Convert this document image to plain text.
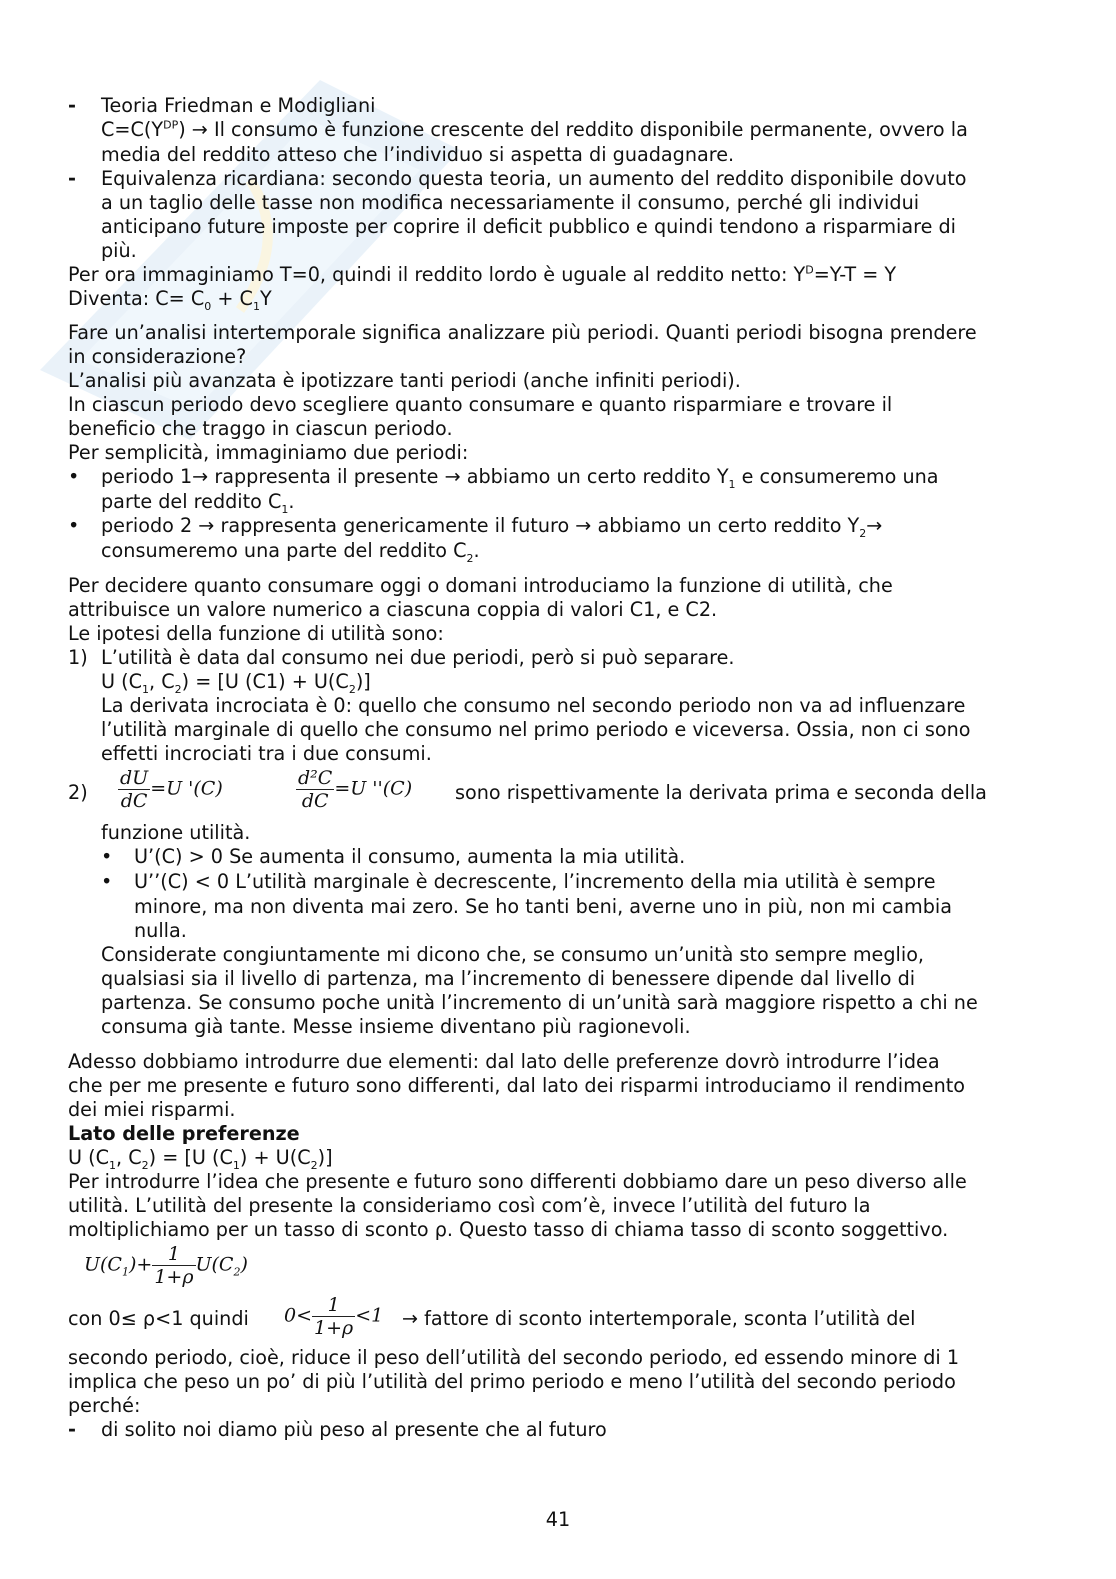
- Teoria Friedman e Modigliani
$C=C(Y^{DP}) \to Il$ consumo è funzione crescente del reddito disponibile permanente, ovvero la
media del reddito atteso che l’individuo si aspetta di guadagnare.
- Equivalenza ricardiana: secondo questa teoria, un aumento del reddito disponibile dovuto
a un taglio delle tasse non modifica necessariamente il consumo, perché gli individui
anticipano future imposte per coprire il deficit pubblico e quindi tendono a risparmiare di
più.
Per ora immaginiamo T=0, quindi il reddito lordo è uguale al reddito netto: $Y^D=Y-T = Y$
Diventa: $C= C_0 + C_1Y$
Fare un’analisi intertemporale significa analizzare più periodi. Quanti periodi bisogna prendere
in considerazione?
L’analisi più avanzata è ipotizzare tanti periodi (anche infiniti periodi).
In ciascun periodo devo scegliere quanto consumare e quanto risparmiare e trovare il
beneficio che traggo in ciascun periodo.
Per semplicità, immaginiamo due periodi:
• periodo 1→ rappresenta il presente → abbiamo un certo reddito $Y_1$ e consumeremo una
parte del reddito $C_1$.
• periodo 2 → rappresenta genericamente il futuro → abbiamo un certo reddito $Y_2\to$
consumeremo una parte del reddito $C_2$.
Per decidere quanto consumare oggi o domani introduciamo la funzione di utilità, che
attribuisce un valore numerico a ciascuna coppia di valori C1, e C2.
Le ipotesi della funzione di utilità sono:
1) L’utilità è data dal consumo nei due periodi, però si può separare.
U ($C_1$, $C_2) = [U$ $(C1) + U(C_2)$]
La derivata incrociata è 0: quello che consumo nel secondo periodo non va ad influenzare
l’utilità marginale di quello che consumo nel primo periodo e viceversa. Ossia, non ci sono
effetti incrociati tra i due consumi.
$2) \frac{dU}{dC} =U$ '(C)	$\frac{\text{d²C}}{dC} =U$ ''(C) sono rispettivamente la derivata prima e seconda della
funzione utilità.
• U’(C) > 0 Se aumenta il consumo, aumenta la mia utilità.
• U’’(C) < 0 L’utilità marginale è decrescente, l’incremento della mia utilità è sempre
minore, ma non diventa mai zero. Se ho tanti beni, averne uno in più, non mi cambia
nulla.
Considerate congiuntamente mi dicono che, se consumo un’unità sto sempre meglio,
qualsiasi sia il livello di partenza, ma l’incremento di benessere dipende dal livello di
partenza. Se consumo poche unità l’incremento di un’unità sarà maggiore rispetto a chi ne
consuma già tante. Messe insieme diventano più ragionevoli.
Adesso dobbiamo introdurre due elementi: dal lato delle preferenze dovrò introdurre l’idea
che per me presente e futuro sono differenti, dal lato dei risparmi introduciamo il rendimento
dei miei risparmi.
Lato delle preferenze
U ($C_1$, $C_2) = [U$ $(C_1) + U(C_2)$]
Per introdurre l’idea che presente e futuro sono differenti dobbiamo dare un peso diverso alle
utilità. L’utilità del presente la consideriamo così com’è, invece l’utilità del futuro la
moltiplichiamo per un tasso di sconto ρ. Questo tasso di chiama tasso di sconto soggettivo.
$U(C_1)+ \frac{1}{1+\rho} U(C_2)$
con 0≤ ρ<1 quindi $0< \frac{1}{1+\rho} <1$ → fattore di sconto intertemporale, sconta l’utilità del
secondo periodo, cioè, riduce il peso dell’utilità del secondo periodo, ed essendo minore di 1
implica che peso un po’ di più l’utilità del primo periodo e meno l’utilità del secondo periodo
perché:
- di solito noi diamo più peso al presente che al futuro
41
